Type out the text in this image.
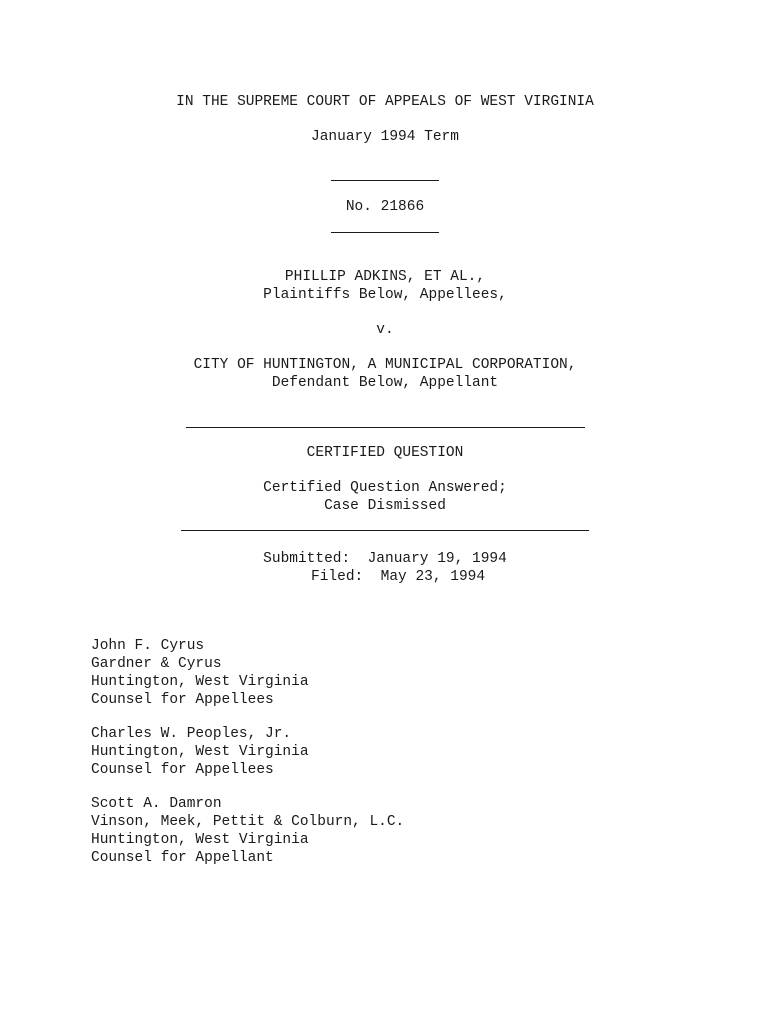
IN THE SUPREME COURT OF APPEALS OF WEST VIRGINIA
January 1994 Term
No. 21866
PHILLIP ADKINS, ET AL.,
Plaintiffs Below, Appellees,
v.
CITY OF HUNTINGTON, A MUNICIPAL CORPORATION,
Defendant Below, Appellant
CERTIFIED QUESTION
Certified Question Answered;
Case Dismissed
Submitted:  January 19, 1994
Filed:  May 23, 1994
John F. Cyrus
Gardner & Cyrus
Huntington, West Virginia
Counsel for Appellees
Charles W. Peoples, Jr.
Huntington, West Virginia
Counsel for Appellees
Scott A. Damron
Vinson, Meek, Pettit & Colburn, L.C.
Huntington, West Virginia
Counsel for Appellant
